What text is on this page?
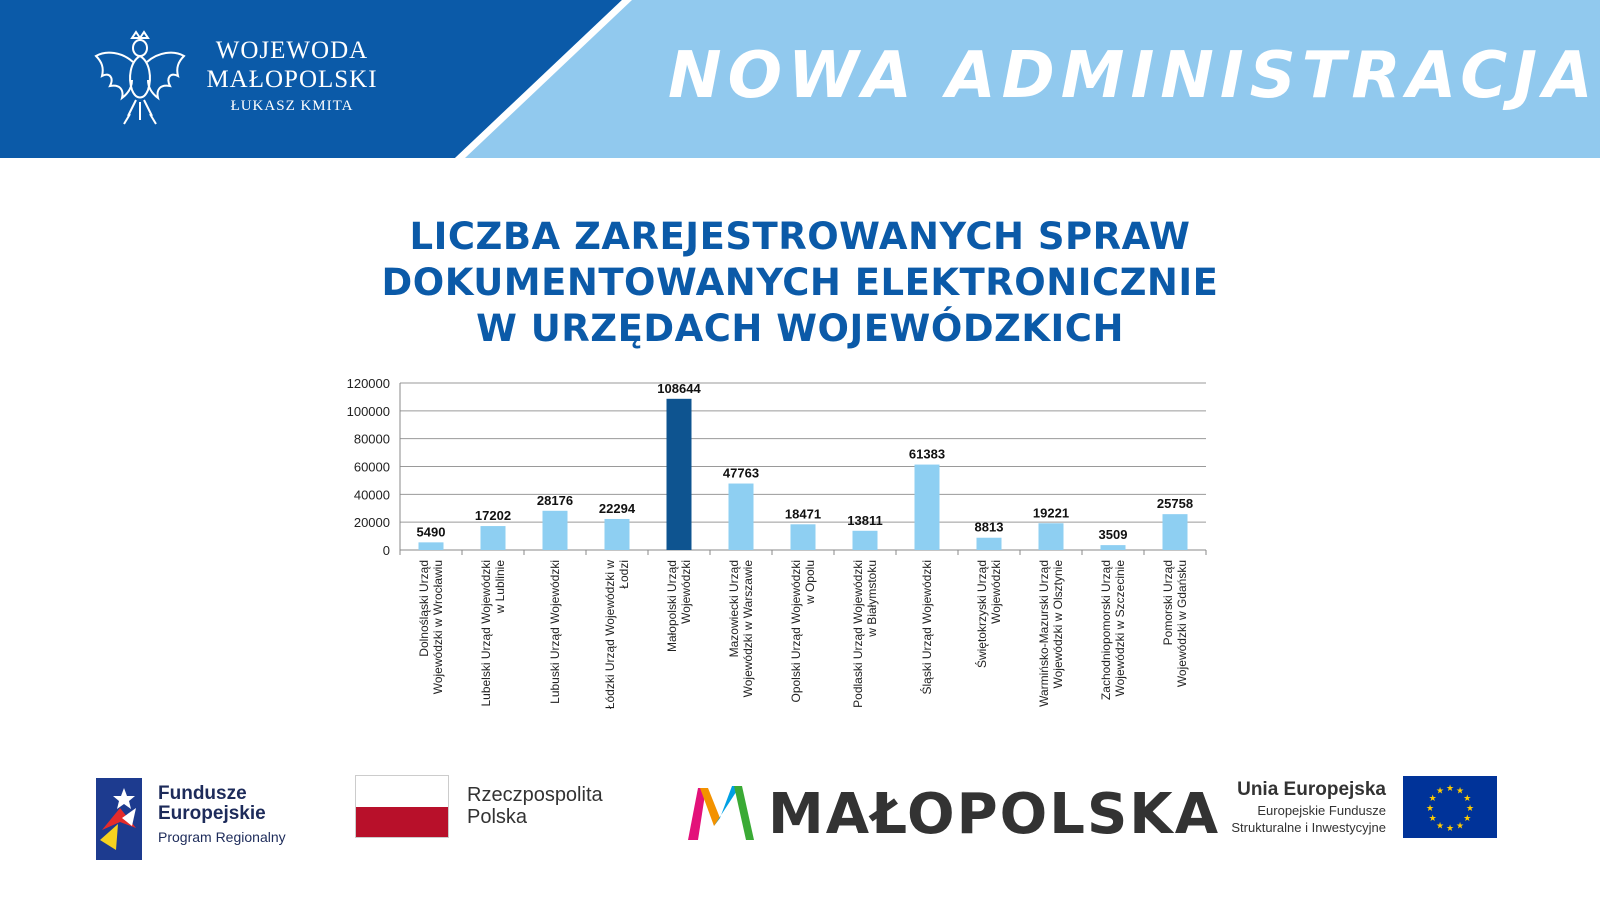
WOJEWODA
MAŁOPOLSKI
ŁUKASZ KMITA	NOWA ADMINISTRACJA
LICZBA ZAREJESTROWANYCH SPRAW
DOKUMENTOWANYCH ELEKTRONICZNIE
W URZĘDACH WOJEWÓDZKICH
0
20000
40000
60000
80000
100000
120000
5490
Dolnośląski Urząd Wojewódzki w Wrocławiu
17202
Lubelski Urząd Wojewódzki w Lublinie
28176
Lubuski Urząd Wojewódzki
22294
Łódzki Urząd Wojewódzki w Łodzi
108644
Małopolski Urząd Wojewódzki
47763
Mazowiecki Urząd Wojewódzki w Warszawie
18471
Opolski Urząd Wojewódzki w Opolu
13811
Podlaski Urząd Wojewódzki w Białymstoku
61383
Śląski Urząd Wojewódzki
8813
Świętokrzyski Urząd Wojewódzki
19221
Warmińsko-Mazurski Urząd Wojewódzki w Olsztynie
3509
Zachodniopomorski Urząd Wojewódzki w Szczecinie
25758
Pomorski Urząd Wojewódzki w Gdańsku
Fundusze
Europejskie
Program Regionalny
Rzeczpospolita
Polska	MAŁOPOLSKA Unia Europejska
Europejskie Fundusze
Strukturalne i Inwestycyjne
★
★
★
★
★
★
★
★
★ ★ ★
★
